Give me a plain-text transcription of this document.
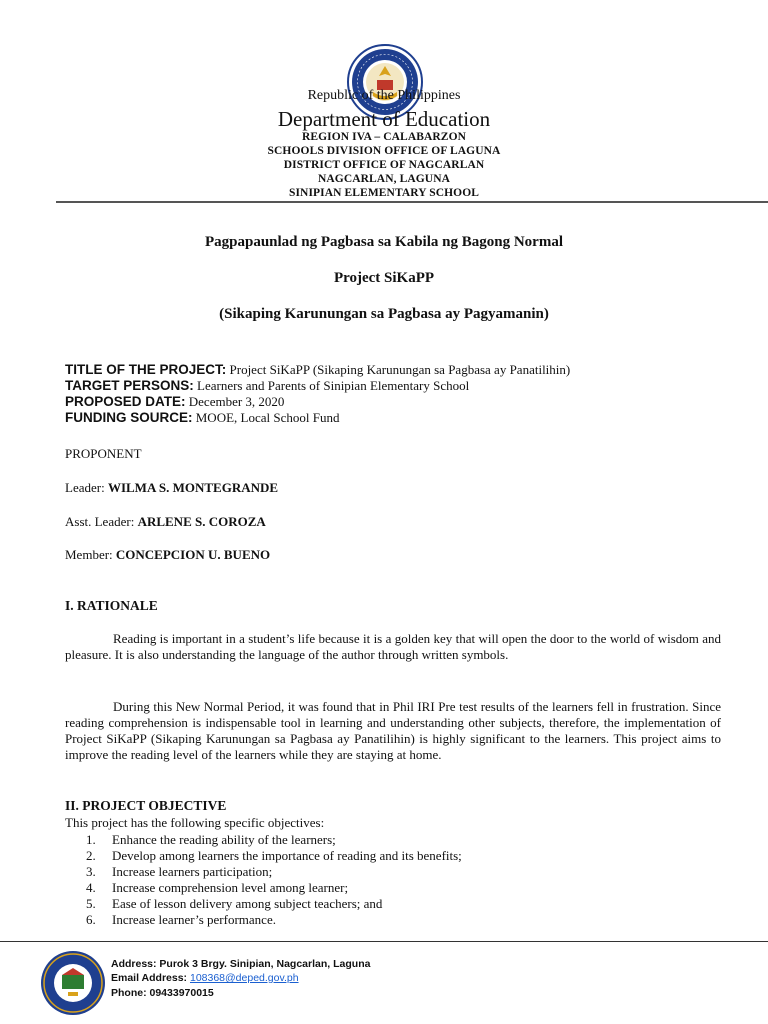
Republic of the Philippines
Department of Education
REGION IVA – CALABARZON
SCHOOLS DIVISION OFFICE OF LAGUNA
DISTRICT OFFICE OF NAGCARLAN
NAGCARLAN, LAGUNA
SINIPIAN ELEMENTARY SCHOOL
Pagpapaunlad ng Pagbasa sa Kabila ng Bagong Normal
Project SiKaPP
(Sikaping Karunungan sa Pagbasa ay Pagyamanin)
TITLE OF THE PROJECT: Project SiKaPP (Sikaping Karunungan sa Pagbasa ay Panatilihin)
TARGET PERSONS: Learners and Parents of Sinipian Elementary School
PROPOSED DATE: December 3, 2020
FUNDING SOURCE: MOOE, Local School Fund
PROPONENT
Leader: WILMA S. MONTEGRANDE
Asst. Leader: ARLENE S. COROZA
Member: CONCEPCION U. BUENO
I. RATIONALE
Reading is important in a student’s life because it is a golden key that will open the door to the world of wisdom and pleasure. It is also understanding the language of the author through written symbols.
During this New Normal Period, it was found that in Phil IRI Pre test results of the learners fell in frustration. Since reading comprehension is indispensable tool in learning and understanding other subjects, therefore, the implementation of Project SiKaPP (Sikaping Karunungan sa Pagbasa ay Panatilihin) is highly significant to the learners. This project aims to improve the reading level of the learners while they are staying at home.
II. PROJECT OBJECTIVE
This project has the following specific objectives:
1. Enhance the reading ability of the learners;
2. Develop among learners the importance of reading and its benefits;
3. Increase learners participation;
4. Increase comprehension level among learner;
5. Ease of lesson delivery among subject teachers; and
6. Increase learner’s performance.
Address: Purok 3 Brgy. Sinipian, Nagcarlan, Laguna
Email Address: 108368@deped.gov.ph
Phone: 09433970015
